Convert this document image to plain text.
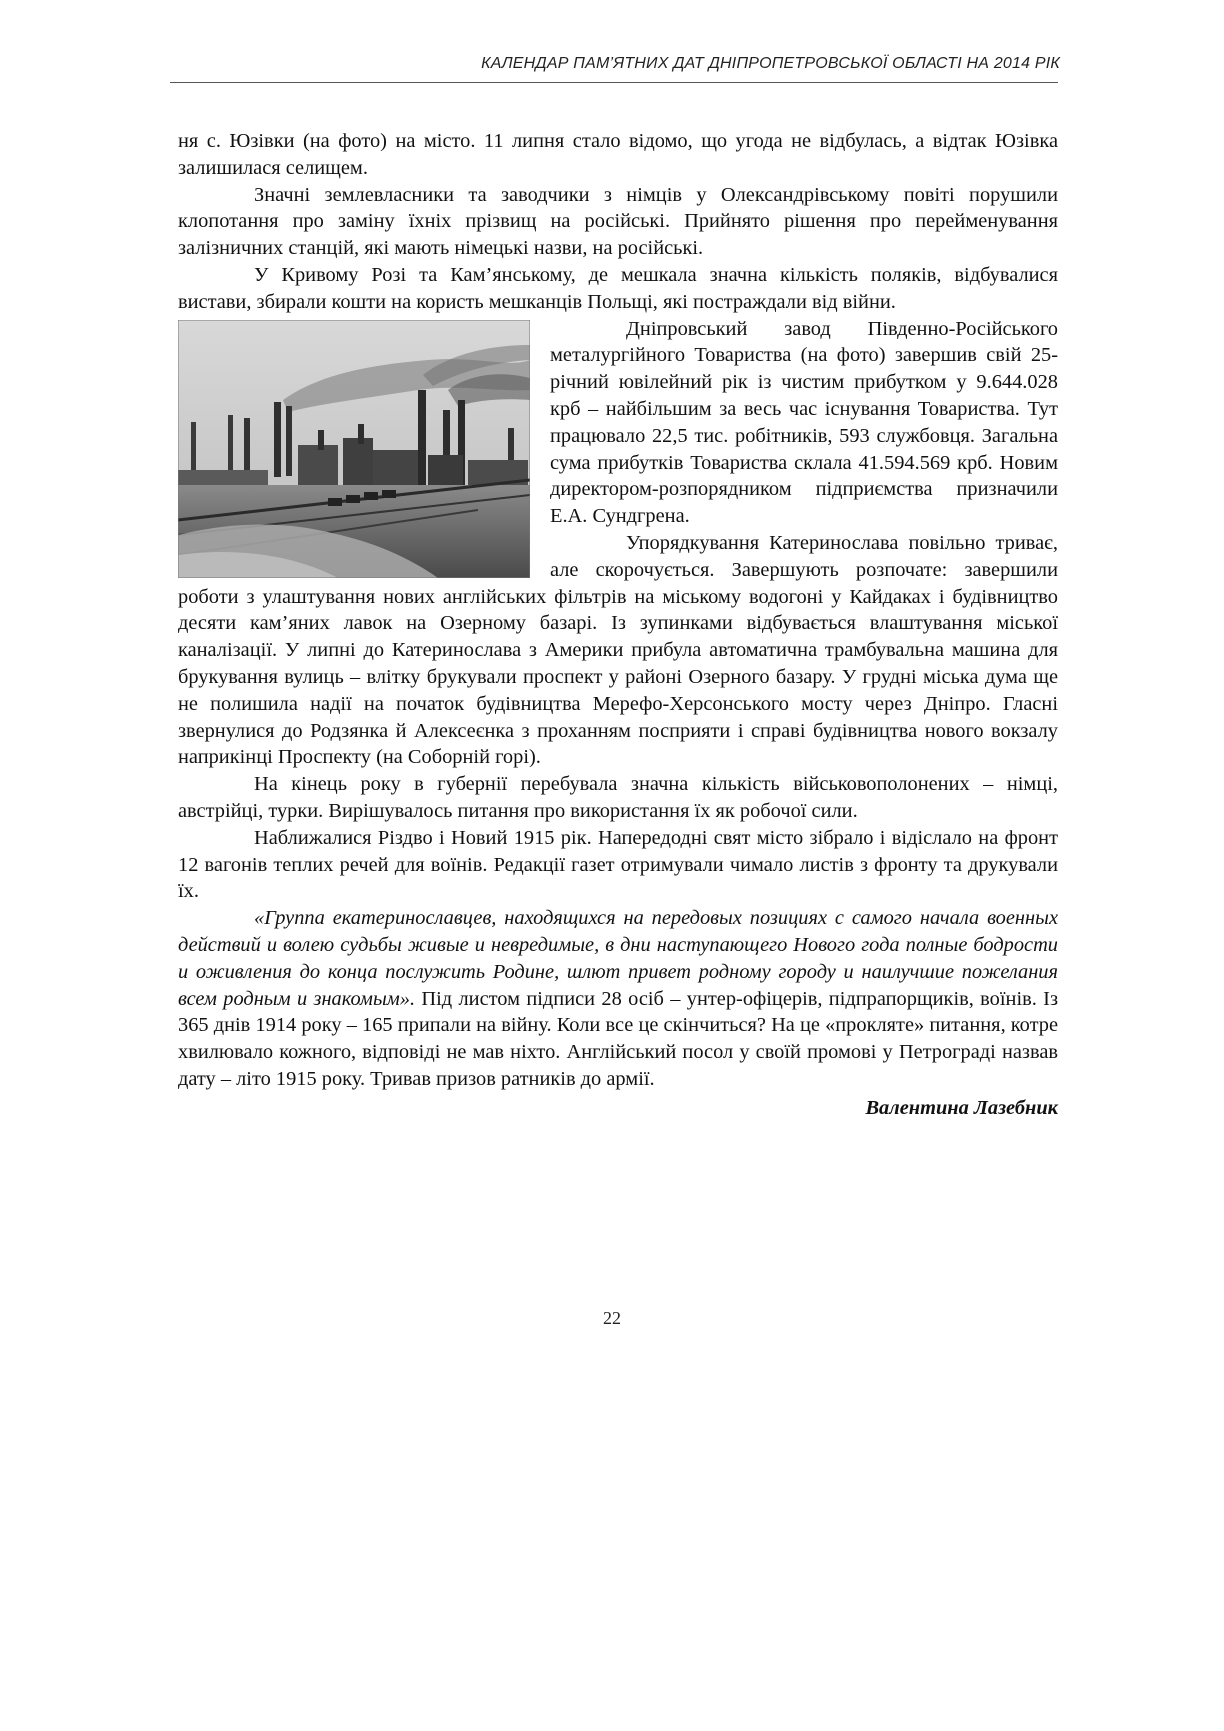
КАЛЕНДАР ПАМ’ЯТНИХ ДАТ ДНІПРОПЕТРОВСЬКОЇ ОБЛАСТІ НА 2014 РІК

ня с. Юзівки (на фото) на місто. 11 липня стало відомо, що угода не відбулась, а відтак Юзівка залишилася селищем.

Значні землевласники та заводчики з німців у Олександрівському повіті порушили клопотання про заміну їхніх прізвищ на російські. Прийнято рішення про перейменування залізничних станцій, які мають німецькі назви, на російські.

У Кривому Розі та Кам’янському, де мешкала значна кількість поляків, відбувалися вистави, збирали кошти на користь мешканців Польщі, які постраждали від війни.

Дніпровський завод Південно-Російського металургійного Товариства (на фото) завершив свій 25-річний ювілейний рік із чистим прибутком у 9.644.028 крб – найбільшим за весь час існування Товариства. Тут працювало 22,5 тис. робітників, 593 службовця. Загальна сума прибутків Товариства склала 41.594.569 крб. Новим директором-розпорядником підприємства призначили Е.А. Сундгрена.

Упорядкування Катеринослава повільно триває, але скорочується. Завершують розпочате: завершили роботи з улаштування нових англійських фільтрів на міському водогоні у Кайдаках і будівництво десяти кам’яних лавок на Озерному базарі. Із зупинками відбувається влаштування міської каналізації. У липні до Катеринослава з Америки прибула автоматична трамбувальна машина для брукування вулиць – влітку брукували проспект у районі Озерного базару. У грудні міська дума ще не полишила надії на початок будівництва Мерефо-Херсонського мосту через Дніпро. Гласні звернулися до Родзянка й Алексеєнка з проханням посприяти і справі будівництва нового вокзалу наприкінці Проспекту (на Соборній горі).

На кінець року в губернії перебувала значна кількість військовополонених – німці, австрійці, турки. Вирішувалось питання про використання їх як робочої сили.

Наближалися Різдво і Новий 1915 рік. Напередодні свят місто зібрало і відіслало на фронт 12 вагонів теплих речей для воїнів. Редакції газет отримували чимало листів з фронту та друкували їх.

«Группа екатеринославцев, находящихся на передовых позициях с самого начала военных действий и волею судьбы живые и невредимые, в дни наступающего Нового года полные бодрости и оживления до конца послужить Родине, шлют привет родному городу и наилучшие пожелания всем родным и знакомым». Під листом підписи 28 осіб – унтер-офіцерів, підпрапорщиків, воїнів. Із 365 днів 1914 року – 165 припали на війну. Коли все це скінчиться? На це «прокляте» питання, котре хвилювало кожного, відповіді не мав ніхто. Англійський посол у своїй промові у Петрограді назвав дату – літо 1915 року. Тривав призов ратників до армії.

Валентина Лазебник

22
